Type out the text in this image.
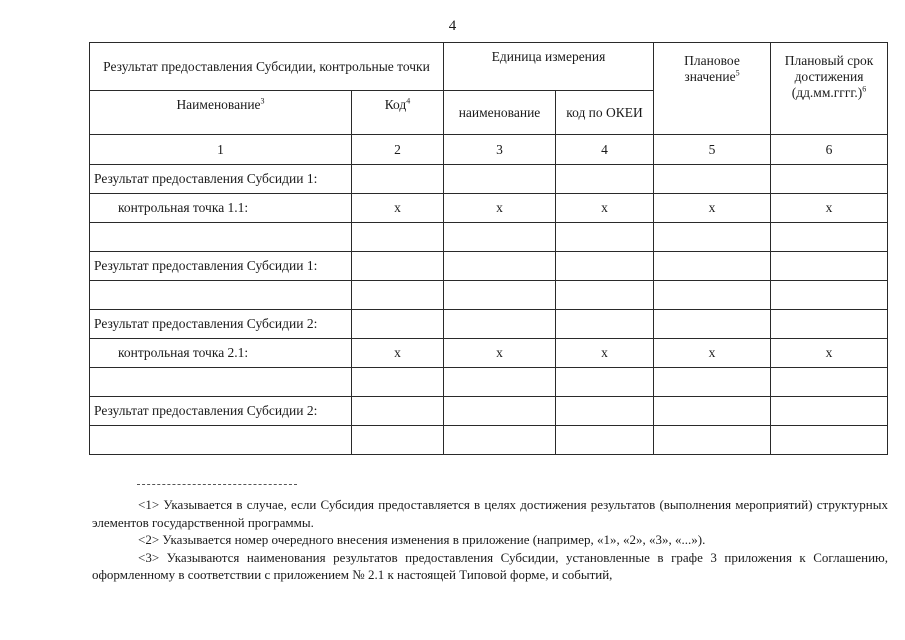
4
Результат предоставления Субсидии, контрольные точки		Единица измерения		Плановое значение$^5$	Плановый срок достижения (дд.мм.гггг.)$^6$
Наименование$^3$	Код$^4$	наименование	код по ОКЕИ		
1	2	3	4	5	6
Результат предоставления Субсидии 1:					
контрольная точка 1.1:	x	x	x	x	x

Результат предоставления Субсидии 1:					

Результат предоставления Субсидии 2:					
контрольная точка 2.1:	x	x	x	x	x

Результат предоставления Субсидии 2:					

<1> Указывается в случае, если Субсидия предоставляется в целях достижения результатов (выполнения мероприятий) структурных элементов государственной программы.

<2> Указывается номер очередного внесения изменения в приложение (например, «1», «2», «3», «...»).

<3> Указываются наименования результатов предоставления Субсидии, установленные в графе 3 приложения к Соглашению, оформленному в соответствии с приложением № 2.1 к настоящей Типовой форме, и событий,
